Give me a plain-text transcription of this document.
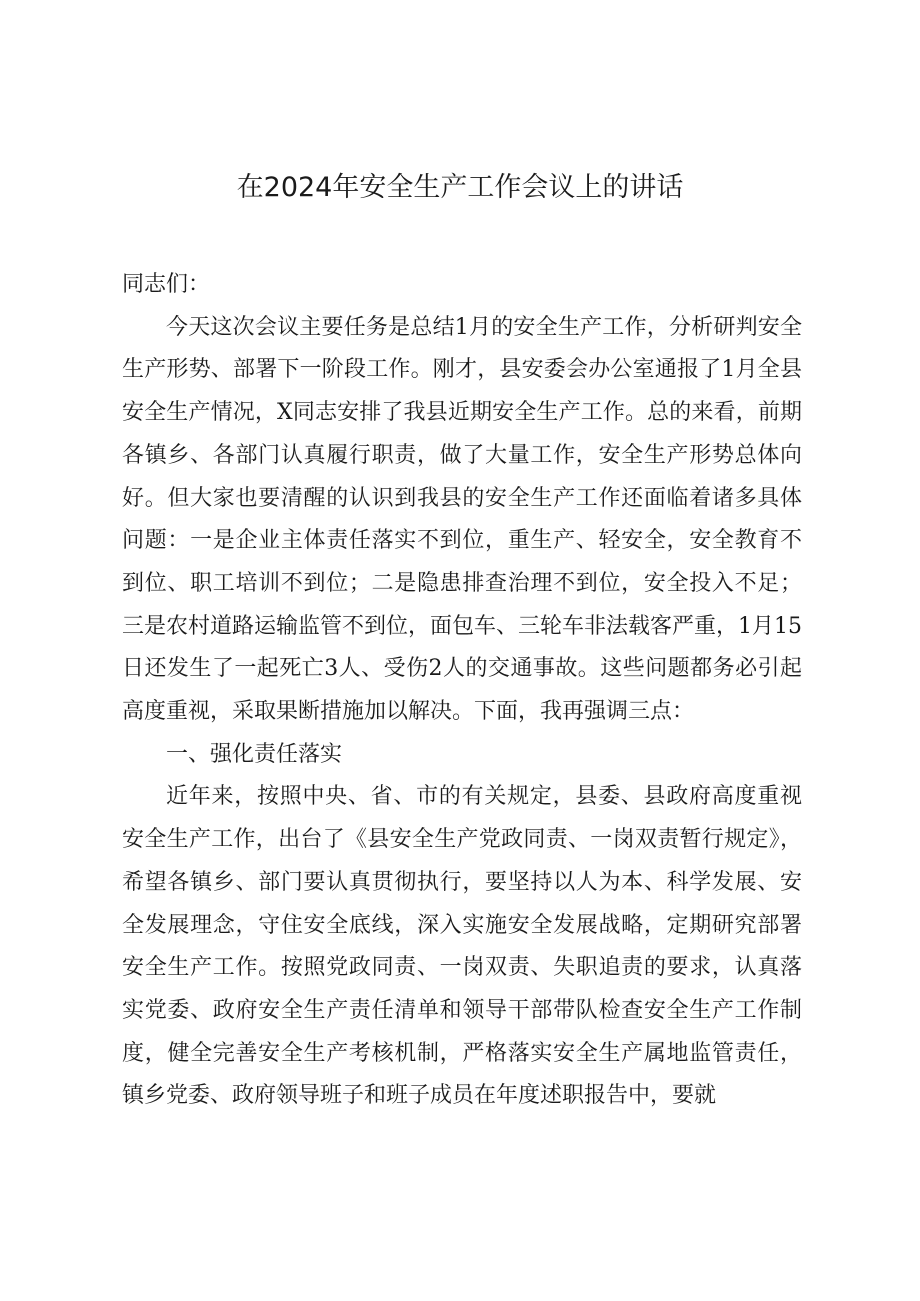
在2024年安全生产工作会议上的讲话

同志们：

今天这次会议主要任务是总结1月的安全生产工作，分析研判安全生产形势、部署下一阶段工作。刚才，县安委会办公室通报了1月全县安全生产情况，X同志安排了我县近期安全生产工作。总的来看，前期各镇乡、各部门认真履行职责，做了大量工作，安全生产形势总体向好。但大家也要清醒的认识到我县的安全生产工作还面临着诸多具体问题：一是企业主体责任落实不到位，重生产、轻安全，安全教育不到位、职工培训不到位；二是隐患排查治理不到位，安全投入不足；三是农村道路运输监管不到位，面包车、三轮车非法载客严重，1月15日还发生了一起死亡3人、受伤2人的交通事故。这些问题都务必引起高度重视，采取果断措施加以解决。下面，我再强调三点：

一、强化责任落实

近年来，按照中央、省、市的有关规定，县委、县政府高度重视安全生产工作，出台了《县安全生产党政同责、一岗双责暂行规定》，希望各镇乡、部门要认真贯彻执行，要坚持以人为本、科学发展、安全发展理念，守住安全底线，深入实施安全发展战略，定期研究部署安全生产工作。按照党政同责、一岗双责、失职追责的要求，认真落实党委、政府安全生产责任清单和领导干部带队检查安全生产工作制度，健全完善安全生产考核机制，严格落实安全生产属地监管责任，镇乡党委、政府领导班子和班子成员在年度述职报告中，要就
